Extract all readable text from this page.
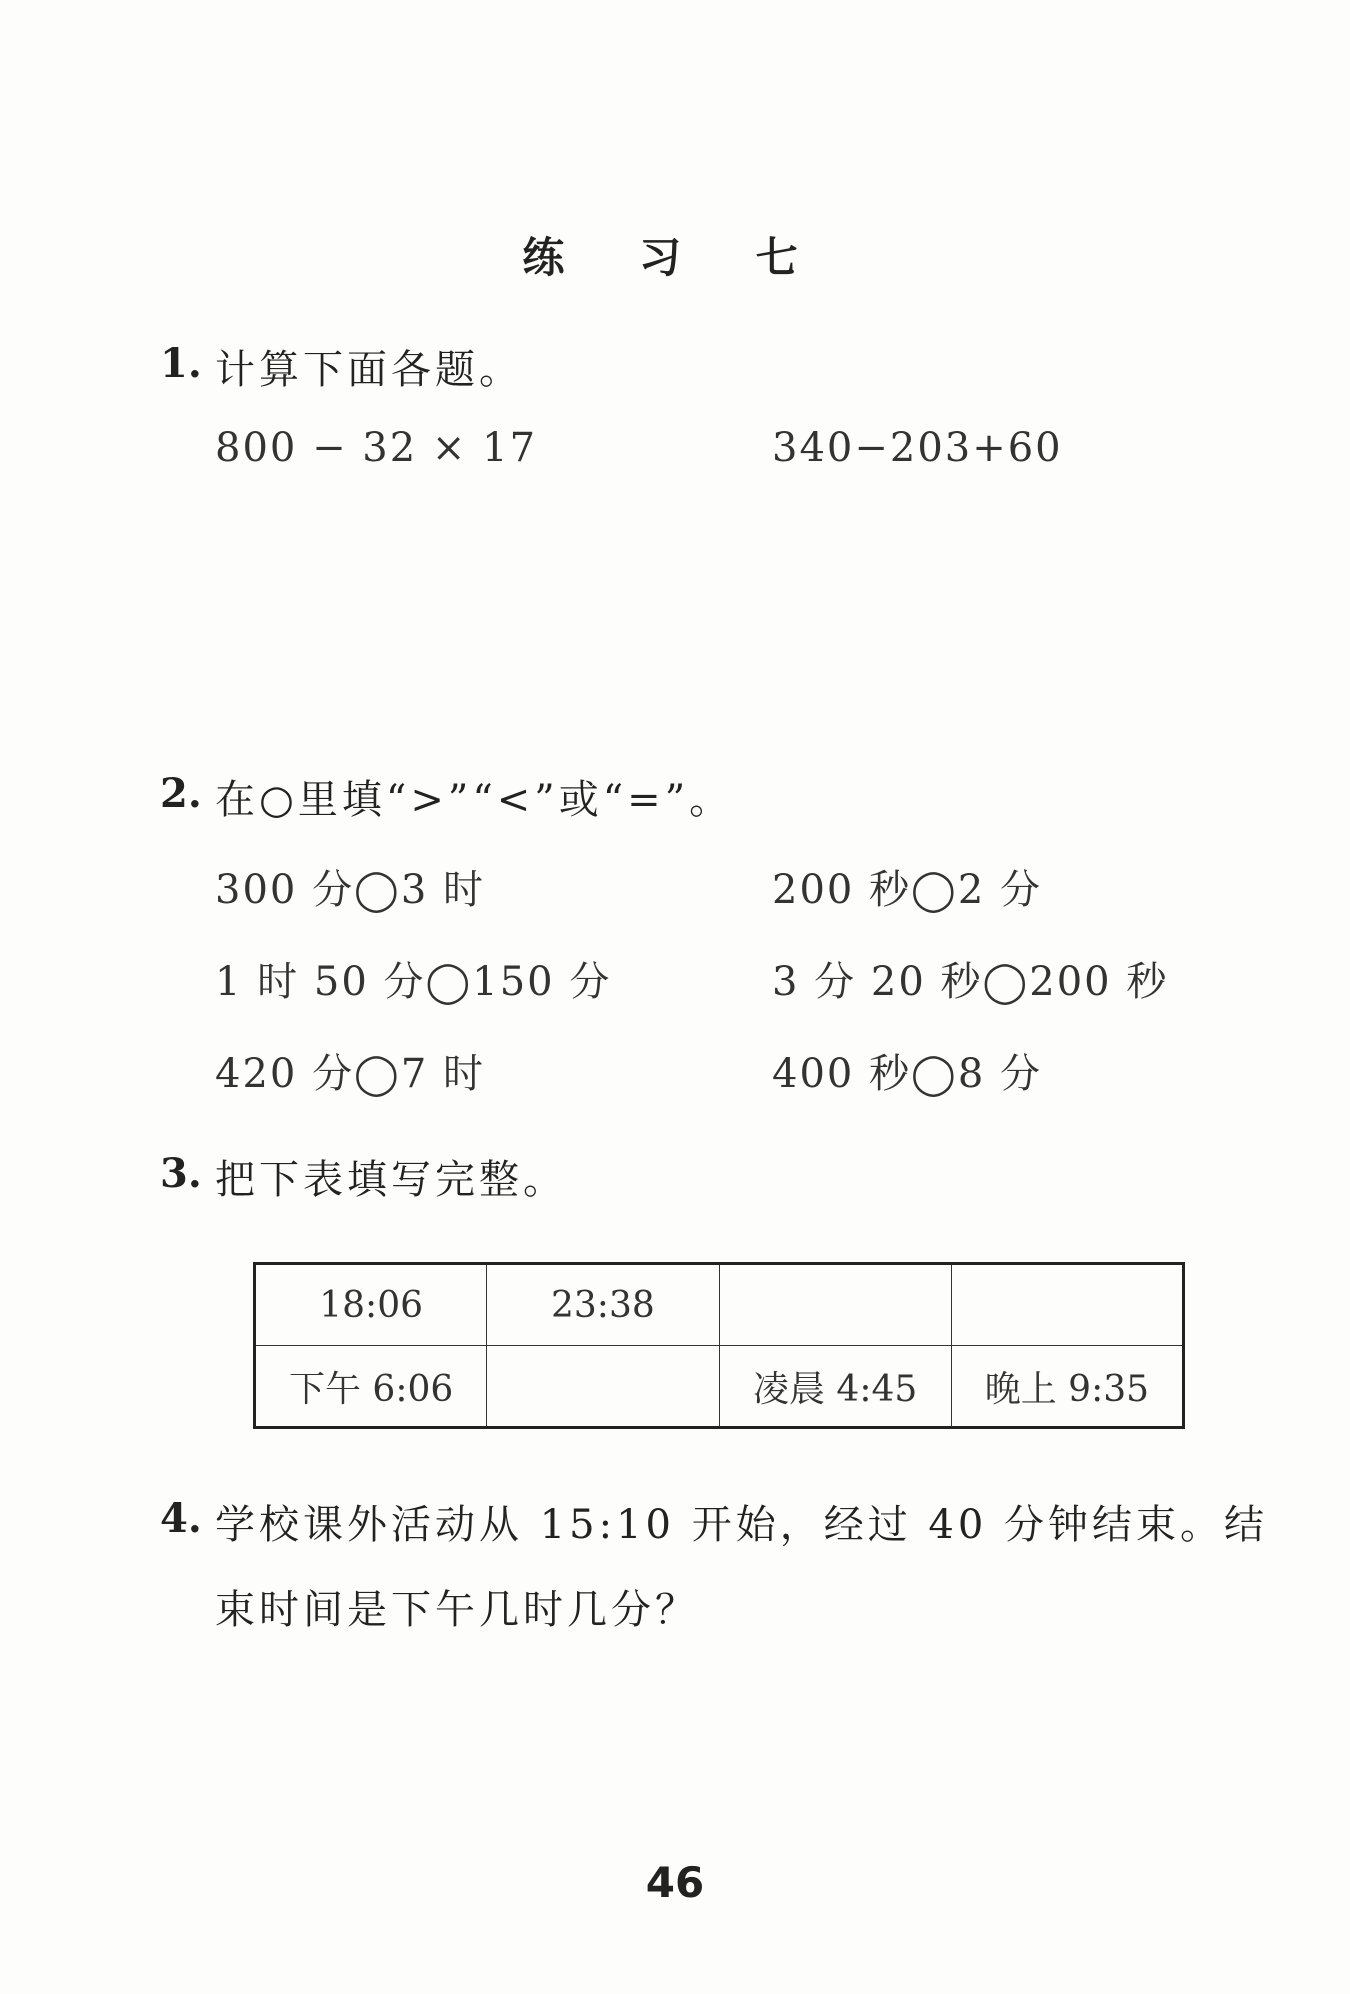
练 习 七
1. 计算下面各题。
800 − 32 × 17	340−203+60
2. 在○里填“>”“<”或“=”。
300 分◯3 时	200 秒◯2 分
1 时 50 分◯150 分	3 分 20 秒◯200 秒
420 分◯7 时	400 秒◯8 分
3. 把下表填写完整。
18:06	23:38		
下午 6:06		凌晨 4:45	晚上 9:35
4. 学校课外活动从 15:10 开始，经过 40 分钟结束。结
束时间是下午几时几分？
46
